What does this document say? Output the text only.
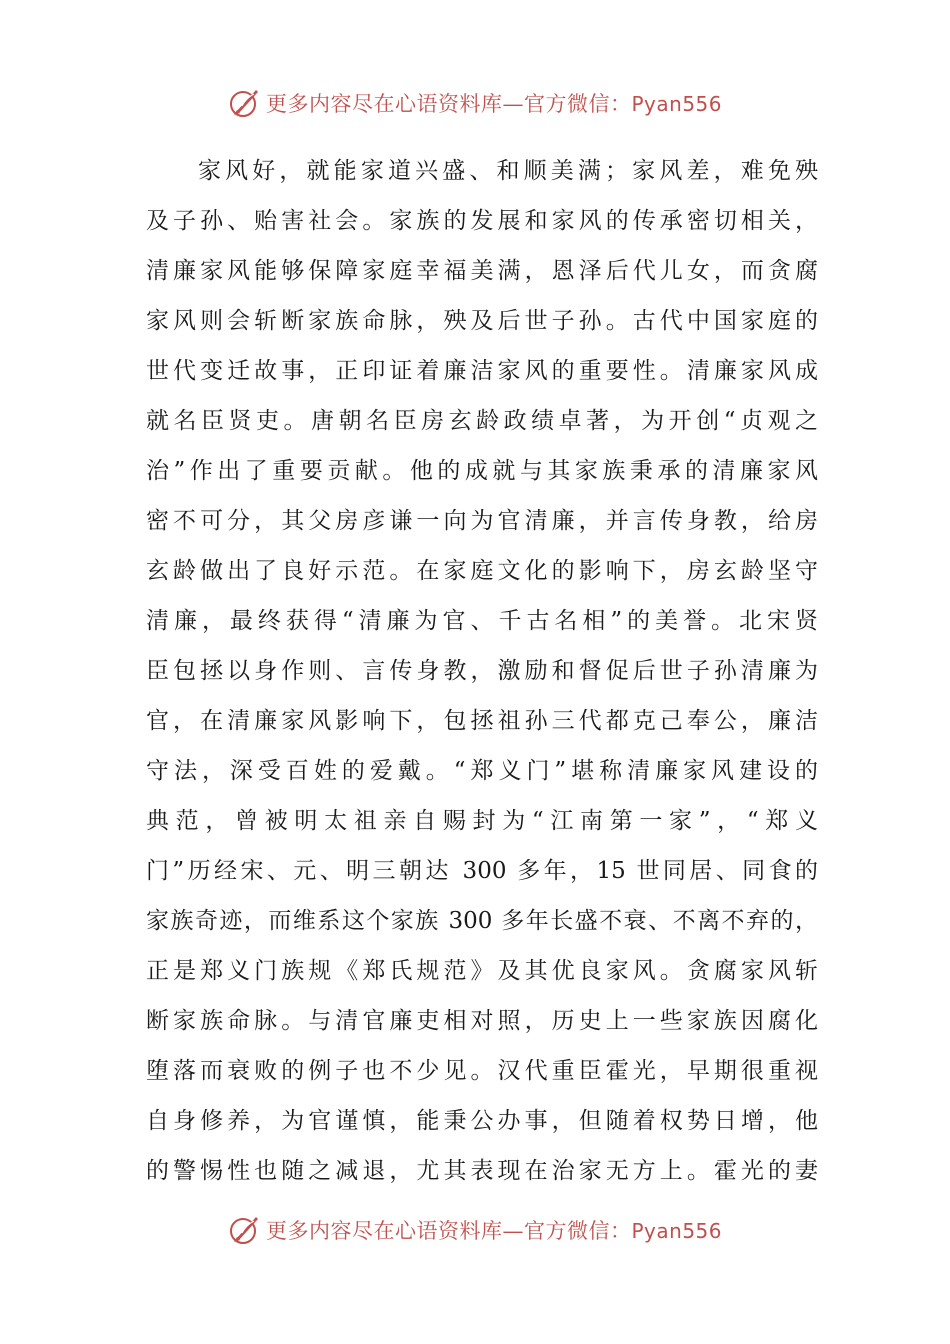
更多内容尽在心语资料库—官方微信：Pyan556
家风好，就能家道兴盛、和顺美满；家风差，难免殃
及子孙、贻害社会。家族的发展和家风的传承密切相关，
清廉家风能够保障家庭幸福美满，恩泽后代儿女，而贪腐
家风则会斩断家族命脉，殃及后世子孙。古代中国家庭的
世代变迁故事，正印证着廉洁家风的重要性。清廉家风成
就名臣贤吏。唐朝名臣房玄龄政绩卓著，为开创“贞观之
治”作出了重要贡献。他的成就与其家族秉承的清廉家风
密不可分，其父房彦谦一向为官清廉，并言传身教，给房
玄龄做出了良好示范。在家庭文化的影响下，房玄龄坚守
清廉，最终获得“清廉为官、千古名相”的美誉。北宋贤
臣包拯以身作则、言传身教，激励和督促后世子孙清廉为
官，在清廉家风影响下，包拯祖孙三代都克己奉公，廉洁
守法，深受百姓的爱戴。“郑义门”堪称清廉家风建设的
典范，曾被明太祖亲自赐封为“江南第一家”，“郑义
门”历经宋、元、明三朝达 300 多年，15 世同居、同食的
家族奇迹，而维系这个家族 300 多年长盛不衰、不离不弃的，
正是郑义门族规《郑氏规范》及其优良家风。贪腐家风斩
断家族命脉。与清官廉吏相对照，历史上一些家族因腐化
堕落而衰败的例子也不少见。汉代重臣霍光，早期很重视
自身修养，为官谨慎，能秉公办事，但随着权势日增，他
的警惕性也随之减退，尤其表现在治家无方上。霍光的妻
更多内容尽在心语资料库—官方微信：Pyan556
